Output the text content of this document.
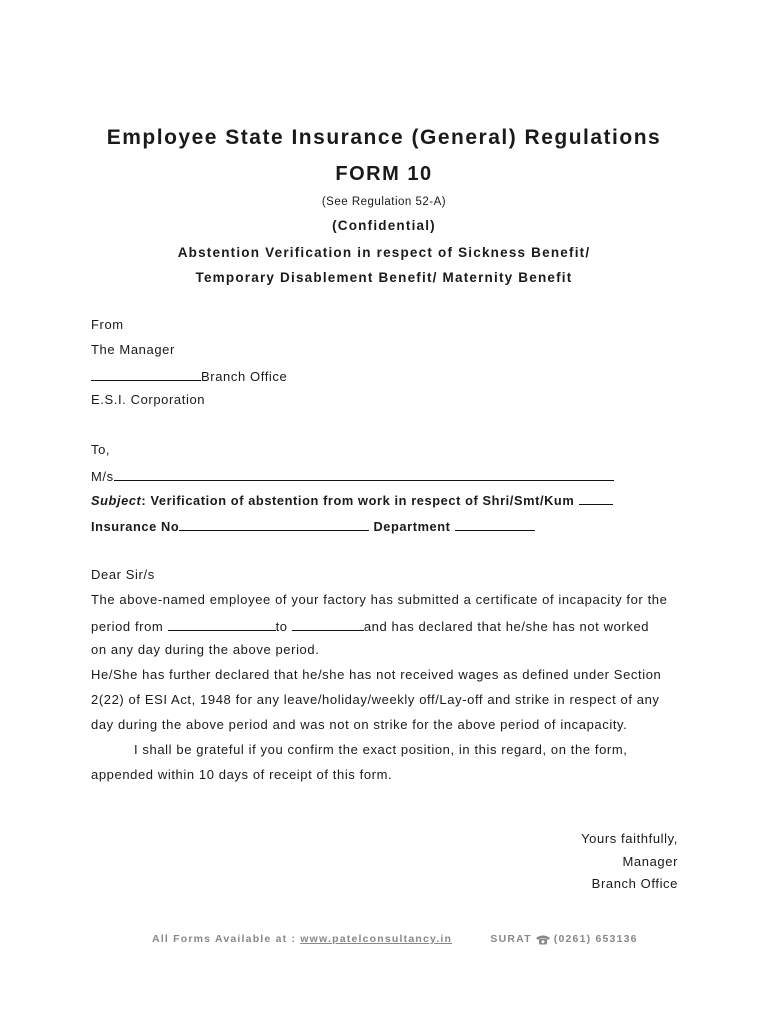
Employee State Insurance (General) Regulations
FORM 10
(See Regulation 52-A)
(Confidential)
Abstention Verification in respect of Sickness Benefit/
Temporary Disablement Benefit/ Maternity Benefit
From
The Manager
Branch Office
E.S.I. Corporation
To,
M/s
Subject: Verification of abstention from work in respect of Shri/Smt/Kum
Insurance No	Department
Dear Sir/s
The above-named employee of your factory has submitted a certificate of incapacity for the
period from	to	and has declared that he/she has not worked
on any day during the above period.
He/She has further declared that he/she has not received wages as defined under Section
2(22) of ESI Act, 1948 for any leave/holiday/weekly off/Lay-off and strike in respect of any
day during the above period and was not on strike for the above period of incapacity.
I shall be grateful if you confirm the exact position, in this regard, on the form,
appended within 10 days of receipt of this form.
Yours faithfully,
Manager
Branch Office
All Forms Available at : www.patelconsultancy.in	SURAT (0261) 653136
